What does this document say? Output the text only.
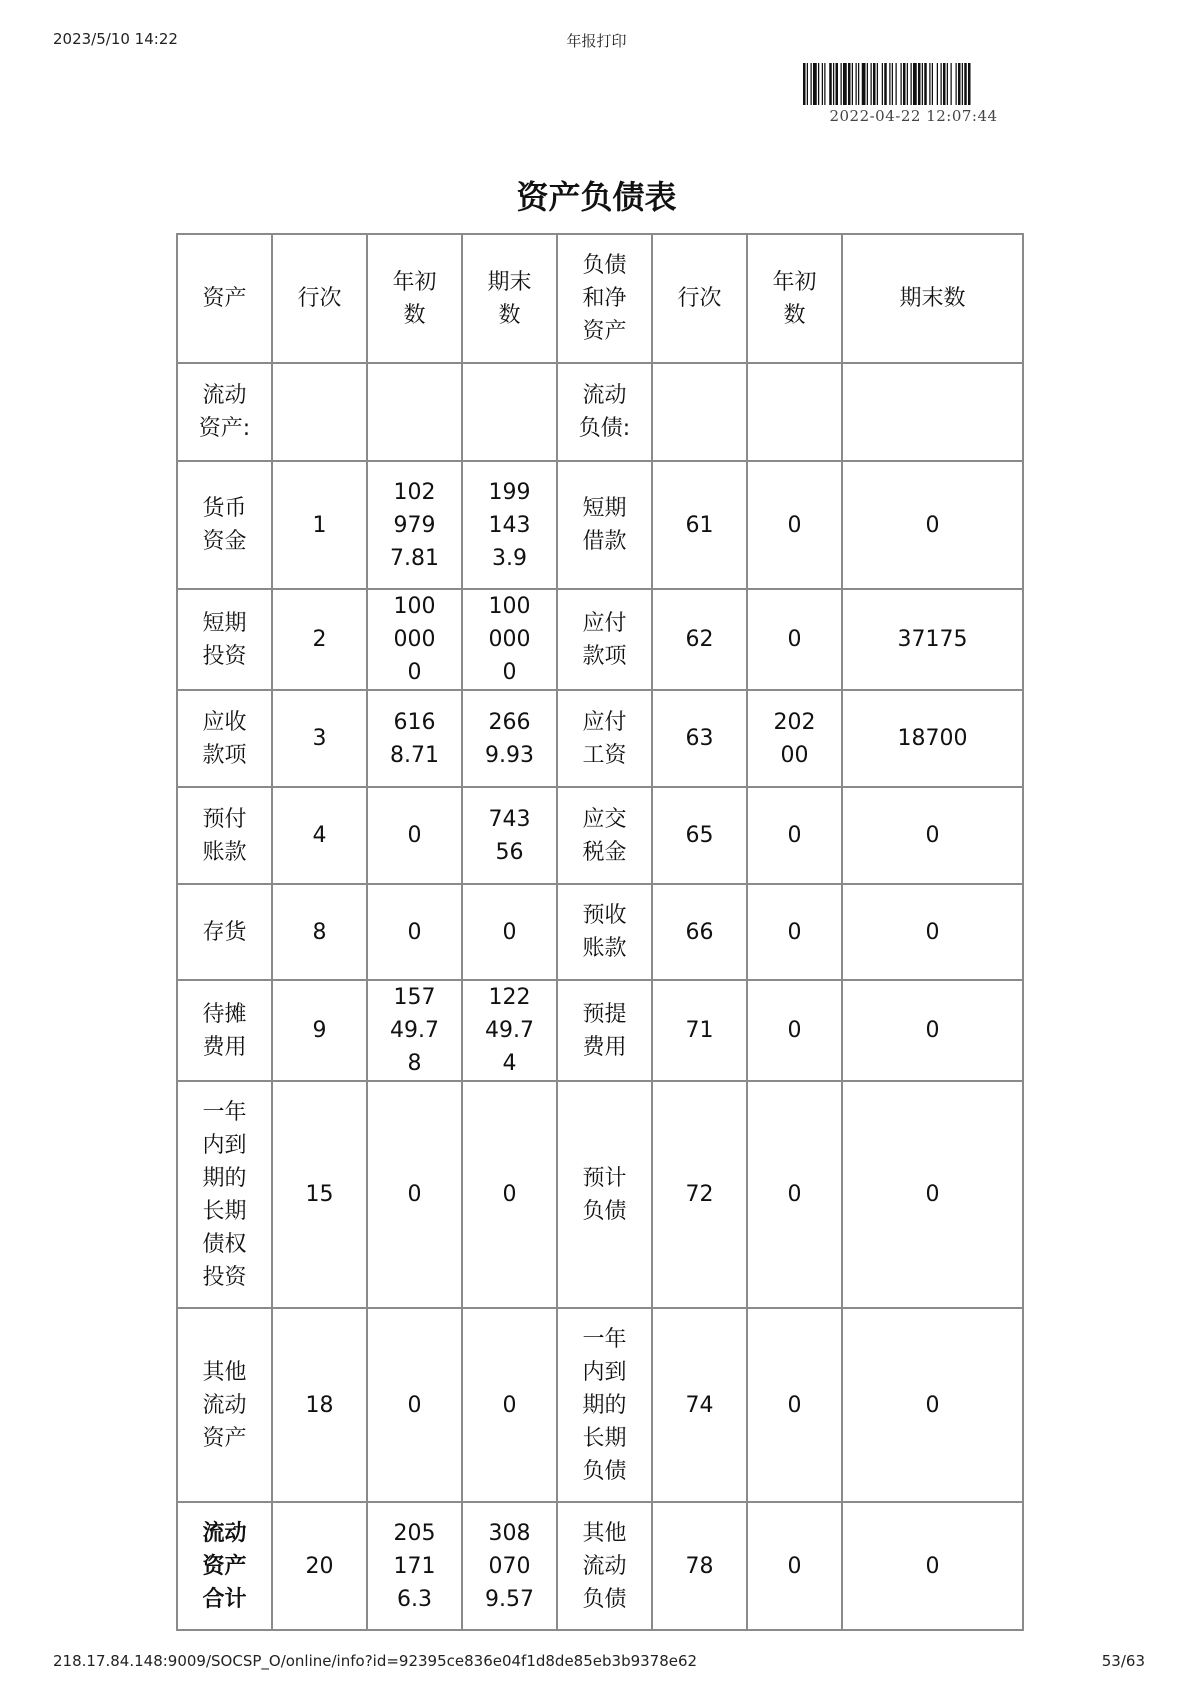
2023/5/10 14:22	年报打印
2022-04-22 12:07:44
资产负债表
资产	行次	年初数	期末数	负债和净资产	行次	年初数	期末数
流动资产:				流动负债:			
货币资金	1	1029797.81	1991433.9	短期借款	61	0	0
短期投资	2	1000000	1000000	应付款项	62	0	37175
应收款项	3	6168.71	2669.93	应付工资	63	20200	18700
预付账款	4	0	74356	应交税金	65	0	0
存货	8	0	0	预收账款	66	0	0
待摊费用	9	15749.78	12249.74	预提费用	71	0	0
一年内到期的长期债权投资	15	0	0	预计负债	72	0	0
其他流动资产	18	0	0	一年内到期的长期负债	74	0	0
流动资产合计	20	2051716.3	3080709.57	其他流动负债	78	0	0
218.17.84.148:9009/SOCSP_O/online/info?id=92395ce836e04f1d8de85eb3b9378e62	53/63
